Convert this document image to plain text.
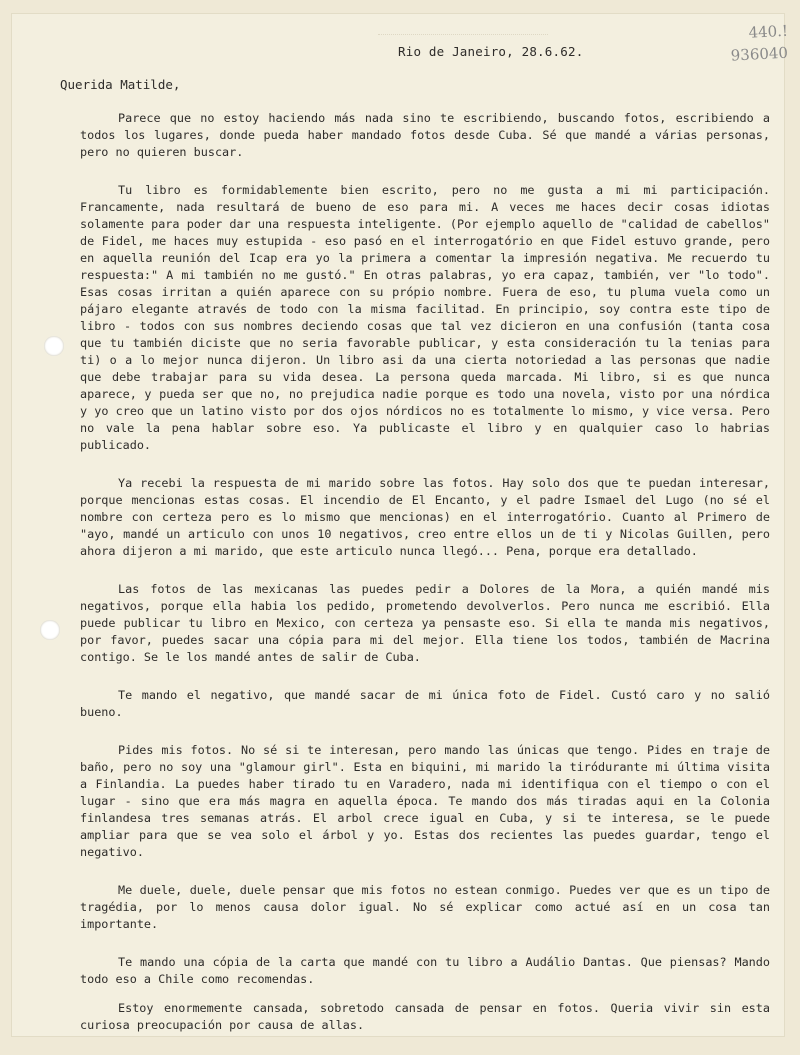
440.!
936040
Rio de Janeiro, 28.6.62.
Querida Matilde,

Parece que no estoy haciendo más nada sino te escribiendo, buscando fotos, escribiendo a todos los lugares, donde pueda haber mandado fotos desde Cuba. Sé que mandé a várias personas, pero no quieren buscar.

Tu libro es formidablemente bien escrito, pero no me gusta a mi mi participación. Francamente, nada resultará de bueno de eso para mi. A veces me haces decir cosas idiotas solamente para poder dar una respuesta inteligente. (Por ejemplo aquello de "calidad de cabellos" de Fidel, me haces muy estupida - eso pasó en el interrogatório en que Fidel estuvo grande, pero en aquella reunión del Icap era yo la primera a comentar la impresión negativa. Me recuerdo tu respuesta:" A mi también no me gustó." En otras palabras, yo era capaz, también, ver "lo todo". Esas cosas irritan a quién aparece con su própio nombre. Fuera de eso, tu pluma vuela como un pájaro elegante através de todo con la misma facilitad. En principio, soy contra este tipo de libro - todos con sus nombres deciendo cosas que tal vez dicieron en una confusión (tanta cosa que tu también diciste que no seria favorable publicar, y esta consideración tu la tenias para ti) o a lo mejor nunca dijeron. Un libro asi da una cierta notoriedad a las personas que nadie que debe trabajar para su vida desea. La persona queda marcada. Mi libro, si es que nunca aparece, y pueda ser que no, no prejudica nadie porque es todo una novela, visto por una nórdica y yo creo que un latino visto por dos ojos nórdicos no es totalmente lo mismo, y vice versa. Pero no vale la pena hablar sobre eso. Ya publicaste el libro y en qualquier caso lo habrias publicado.

Ya recebi la respuesta de mi marido sobre las fotos. Hay solo dos que te puedan interesar, porque mencionas estas cosas. El incendio de El Encanto, y el padre Ismael del Lugo (no sé el nombre con certeza pero es lo mismo que mencionas) en el interrogatório. Cuanto al Primero de "ayo, mandé un articulo con unos 10 negativos, creo entre ellos un de ti y Nicolas Guillen, pero ahora dijeron a mi marido, que este articulo nunca llegó... Pena, porque era detallado.

Las fotos de las mexicanas las puedes pedir a Dolores de la Mora, a quién mandé mis negativos, porque ella habia los pedido, prometendo devolverlos. Pero nunca me escribió. Ella puede publicar tu libro en Mexico, con certeza ya pensaste eso. Si ella te manda mis negativos, por favor, puedes sacar una cópia para mi del mejor. Ella tiene los todos, también de Macrina contigo. Se le los mandé antes de salir de Cuba.

Te mando el negativo, que mandé sacar de mi única foto de Fidel. Custó caro y no salió bueno.

Pides mis fotos. No sé si te interesan, pero mando las únicas que tengo. Pides en traje de baño, pero no soy una "glamour girl". Esta en biquini, mi marido la tiródurante mi última visita a Finlandia. La puedes haber tirado tu en Varadero, nada mi identifiqua con el tiempo o con el lugar - sino que era más magra en aquella época. Te mando dos más tiradas aqui en la Colonia finlandesa tres semanas atrás. El arbol crece igual en Cuba, y si te interesa, se le puede ampliar para que se vea solo el árbol y yo. Estas dos recientes las puedes guardar, tengo el negativo.

Me duele, duele, duele pensar que mis fotos no estean conmigo. Puedes ver que es un tipo de tragédia, por lo menos causa dolor igual. No sé explicar como actué así en un cosa tan importante.

Te mando una cópia de la carta que mandé con tu libro a Audálio Dantas. Que piensas? Mando todo eso a Chile como recomendas.

Estoy enormemente cansada, sobretodo cansada de pensar en fotos. Queria vivir sin esta curiosa preocupación por causa de allas.
